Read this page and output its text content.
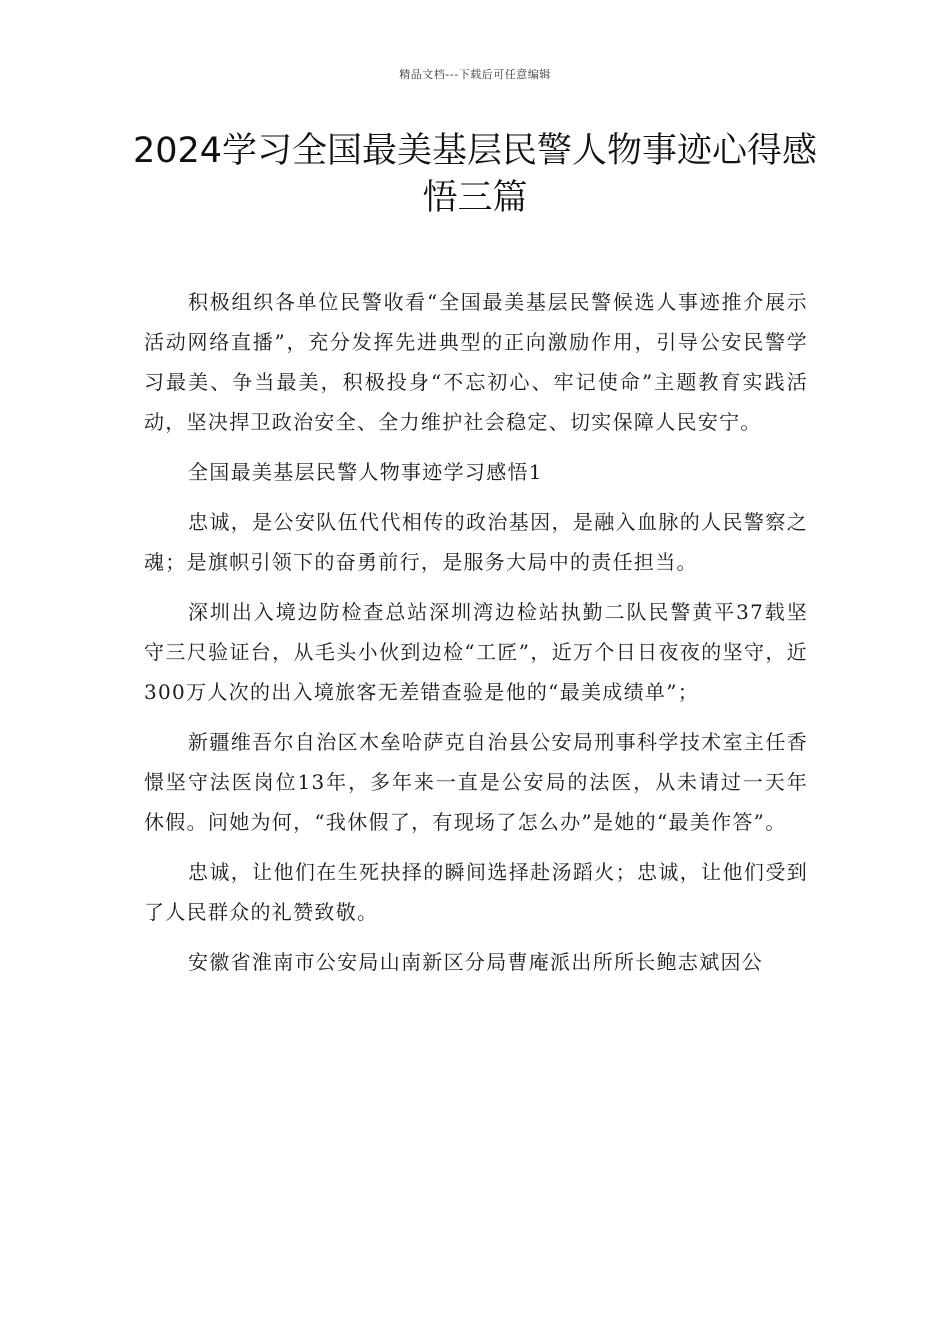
精品文档---下载后可任意编辑
2024学习全国最美基层民警人物事迹心得感悟三篇

积极组织各单位民警收看“全国最美基层民警候选人事迹推介展示活动网络直播”，充分发挥先进典型的正向激励作用，引导公安民警学习最美、争当最美，积极投身“不忘初心、牢记使命”主题教育实践活动，坚决捍卫政治安全、全力维护社会稳定、切实保障人民安宁。

全国最美基层民警人物事迹学习感悟1

忠诚，是公安队伍代代相传的政治基因，是融入血脉的人民警察之魂；是旗帜引领下的奋勇前行，是服务大局中的责任担当。

深圳出入境边防检查总站深圳湾边检站执勤二队民警黄平37载坚守三尺验证台，从毛头小伙到边检“工匠”，近万个日日夜夜的坚守，近300万人次的出入境旅客无差错查验是他的“最美成绩单”；

新疆维吾尔自治区木垒哈萨克自治县公安局刑事科学技术室主任香憬坚守法医岗位13年，多年来一直是公安局的法医，从未请过一天年休假。问她为何，“我休假了，有现场了怎么办”是她的“最美作答”。

忠诚，让他们在生死抉择的瞬间选择赴汤蹈火；忠诚，让他们受到了人民群众的礼赞致敬。

安徽省淮南市公安局山南新区分局曹庵派出所所长鲍志斌因公
